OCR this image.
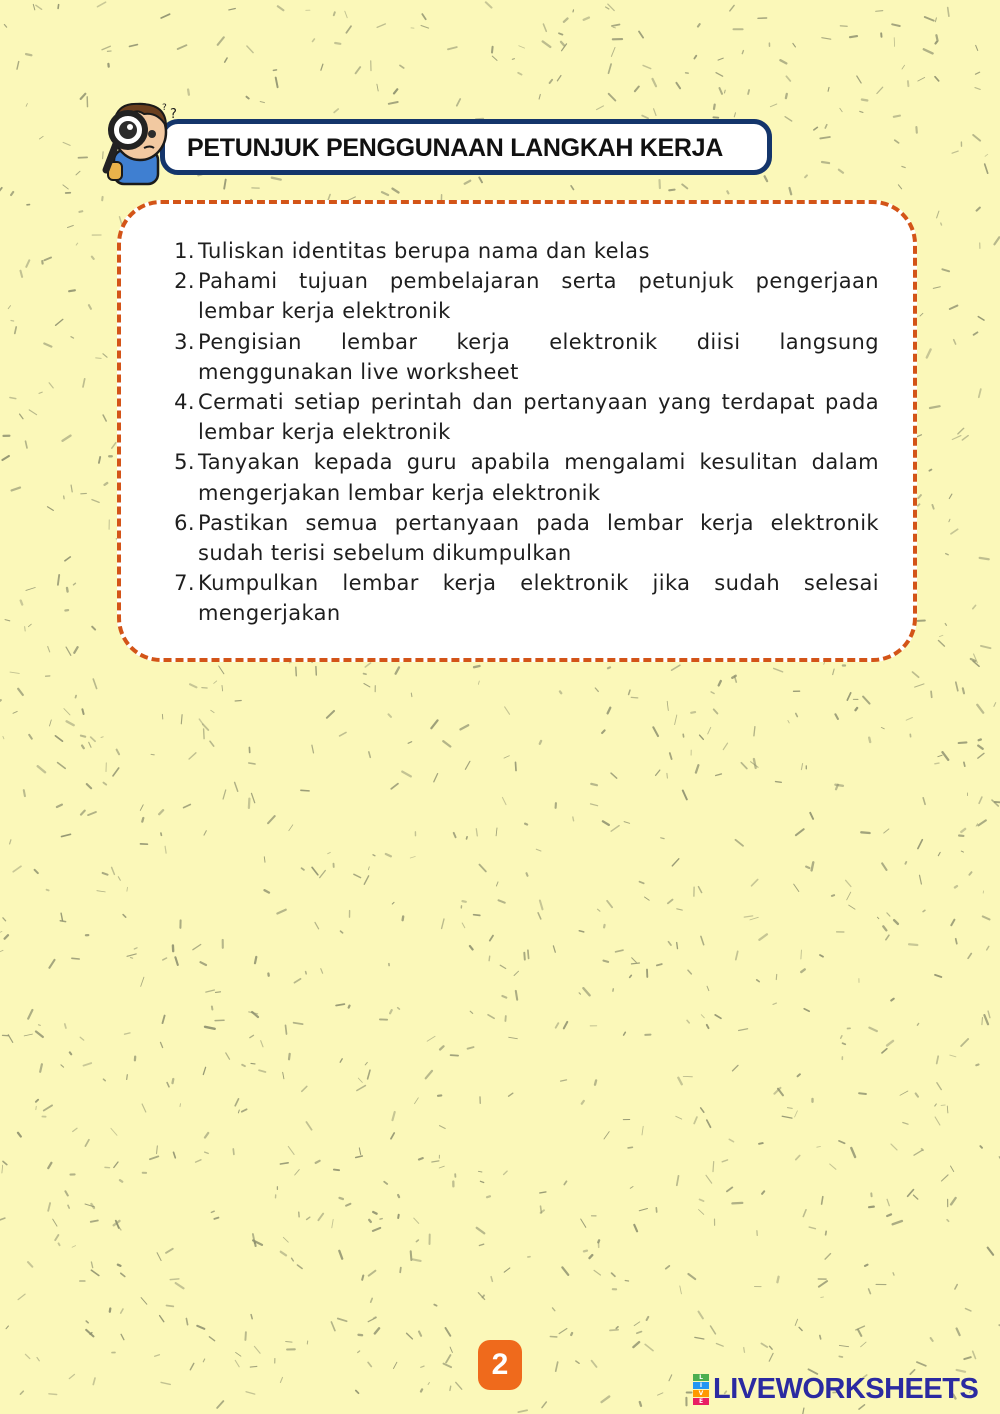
PETUNJUK PENGGUNAAN LANGKAH KERJA
?
?
1. Tuliskan identitas berupa nama dan kelas
2. Pahami tujuan pembelajaran serta petunjuk pengerjaan lembar kerja elektronik
3. Pengisian lembar kerja elektronik diisi langsung menggunakan live worksheet
4. Cermati setiap perintah dan pertanyaan yang terdapat pada lembar kerja elektronik
5. Tanyakan kepada guru apabila mengalami kesulitan dalam mengerjakan lembar kerja elektronik
6. Pastikan semua pertanyaan pada lembar kerja elektronik sudah terisi sebelum dikumpulkan
7. Kumpulkan lembar kerja elektronik jika sudah selesai mengerjakan
2	L
I
V
E LIVEWORKSHEETS
